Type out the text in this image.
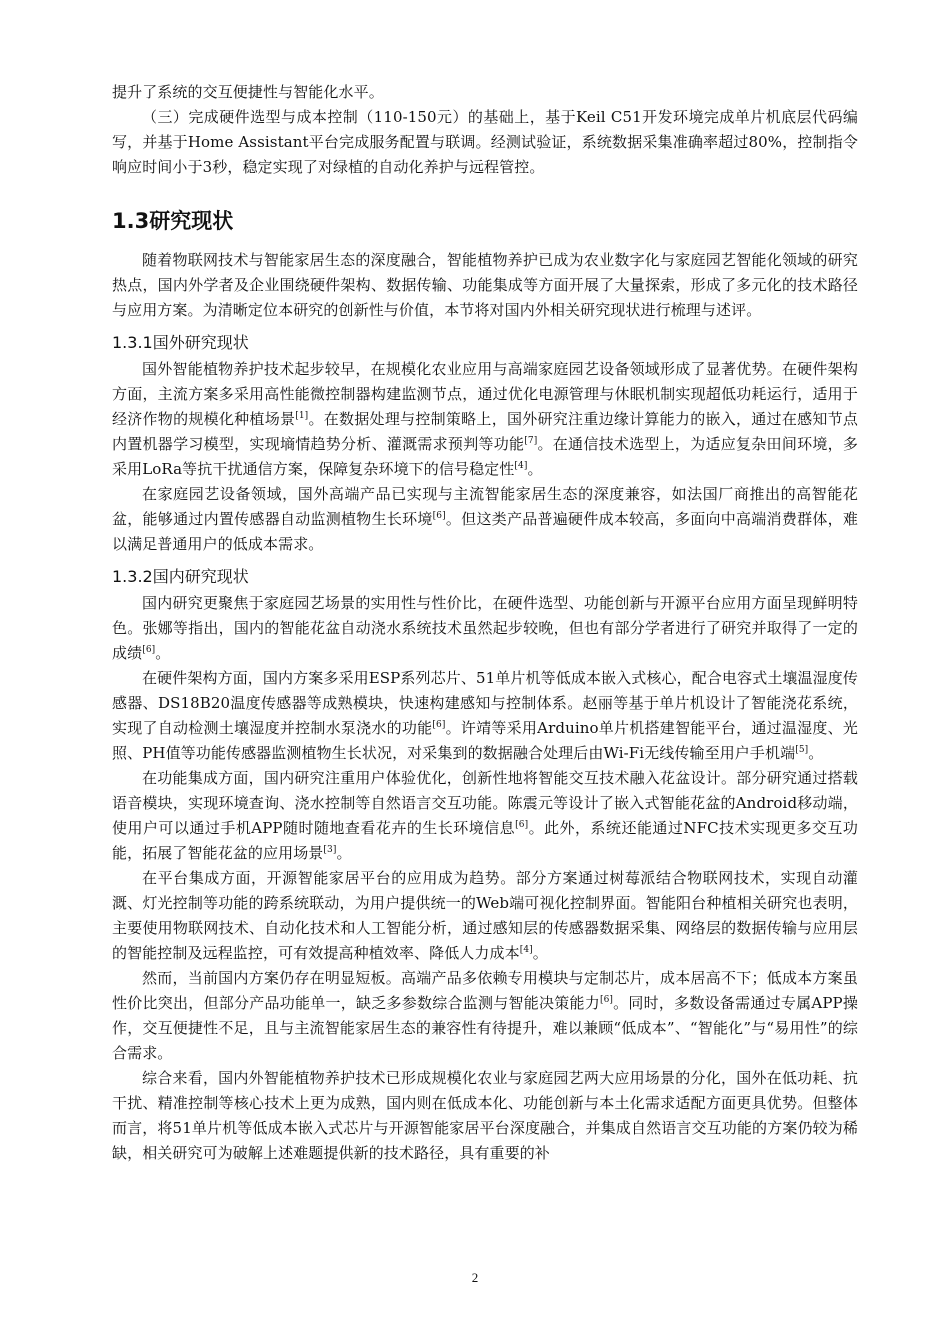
提升了系统的交互便捷性与智能化水平。

（三）完成硬件选型与成本控制（110-150元）的基础上，基于Keil C51开发环境完成单片机底层代码编写，并基于Home Assistant平台完成服务配置与联调。经测试验证，系统数据采集准确率超过80%，控制指令响应时间小于3秒，稳定实现了对绿植的自动化养护与远程管控。

1.3研究现状

随着物联网技术与智能家居生态的深度融合，智能植物养护已成为农业数字化与家庭园艺智能化领域的研究热点，国内外学者及企业围绕硬件架构、数据传输、功能集成等方面开展了大量探索，形成了多元化的技术路径与应用方案。为清晰定位本研究的创新性与价值，本节将对国内外相关研究现状进行梳理与述评。

1.3.1国外研究现状

国外智能植物养护技术起步较早，在规模化农业应用与高端家庭园艺设备领域形成了显著优势。在硬件架构方面，主流方案多采用高性能微控制器构建监测节点，通过优化电源管理与休眠机制实现超低功耗运行，适用于经济作物的规模化种植场景[1]。在数据处理与控制策略上，国外研究注重边缘计算能力的嵌入，通过在感知节点内置机器学习模型，实现墒情趋势分析、灌溉需求预判等功能[7]。在通信技术选型上，为适应复杂田间环境，多采用LoRa等抗干扰通信方案，保障复杂环境下的信号稳定性[4]。

在家庭园艺设备领域，国外高端产品已实现与主流智能家居生态的深度兼容，如法国厂商推出的高智能花盆，能够通过内置传感器自动监测植物生长环境[6]。但这类产品普遍硬件成本较高，多面向中高端消费群体，难以满足普通用户的低成本需求。

1.3.2国内研究现状

国内研究更聚焦于家庭园艺场景的实用性与性价比，在硬件选型、功能创新与开源平台应用方面呈现鲜明特色。张娜等指出，国内的智能花盆自动浇水系统技术虽然起步较晚，但也有部分学者进行了研究并取得了一定的成绩[6]。

在硬件架构方面，国内方案多采用ESP系列芯片、51单片机等低成本嵌入式核心，配合电容式土壤温湿度传感器、DS18B20温度传感器等成熟模块，快速构建感知与控制体系。赵丽等基于单片机设计了智能浇花系统，实现了自动检测土壤湿度并控制水泵浇水的功能[6]。许靖等采用Arduino单片机搭建智能平台，通过温湿度、光照、PH值等功能传感器监测植物生长状况，对采集到的数据融合处理后由Wi-Fi无线传输至用户手机端[5]。

在功能集成方面，国内研究注重用户体验优化，创新性地将智能交互技术融入花盆设计。部分研究通过搭载语音模块，实现环境查询、浇水控制等自然语言交互功能。陈震元等设计了嵌入式智能花盆的Android移动端，使用户可以通过手机APP随时随地查看花卉的生长环境信息[6]。此外，系统还能通过NFC技术实现更多交互功能，拓展了智能花盆的应用场景[3]。

在平台集成方面，开源智能家居平台的应用成为趋势。部分方案通过树莓派结合物联网技术，实现自动灌溉、灯光控制等功能的跨系统联动，为用户提供统一的Web端可视化控制界面。智能阳台种植相关研究也表明，主要使用物联网技术、自动化技术和人工智能分析，通过感知层的传感器数据采集、网络层的数据传输与应用层的智能控制及远程监控，可有效提高种植效率、降低人力成本[4]。

然而，当前国内方案仍存在明显短板。高端产品多依赖专用模块与定制芯片，成本居高不下；低成本方案虽性价比突出，但部分产品功能单一，缺乏多参数综合监测与智能决策能力[6]。同时，多数设备需通过专属APP操作，交互便捷性不足，且与主流智能家居生态的兼容性有待提升，难以兼顾“低成本”、“智能化”与“易用性”的综合需求。

综合来看，国内外智能植物养护技术已形成规模化农业与家庭园艺两大应用场景的分化，国外在低功耗、抗干扰、精准控制等核心技术上更为成熟，国内则在低成本化、功能创新与本土化需求适配方面更具优势。但整体而言，将51单片机等低成本嵌入式芯片与开源智能家居平台深度融合，并集成自然语言交互功能的方案仍较为稀缺，相关研究可为破解上述难题提供新的技术路径，具有重要的补

2
